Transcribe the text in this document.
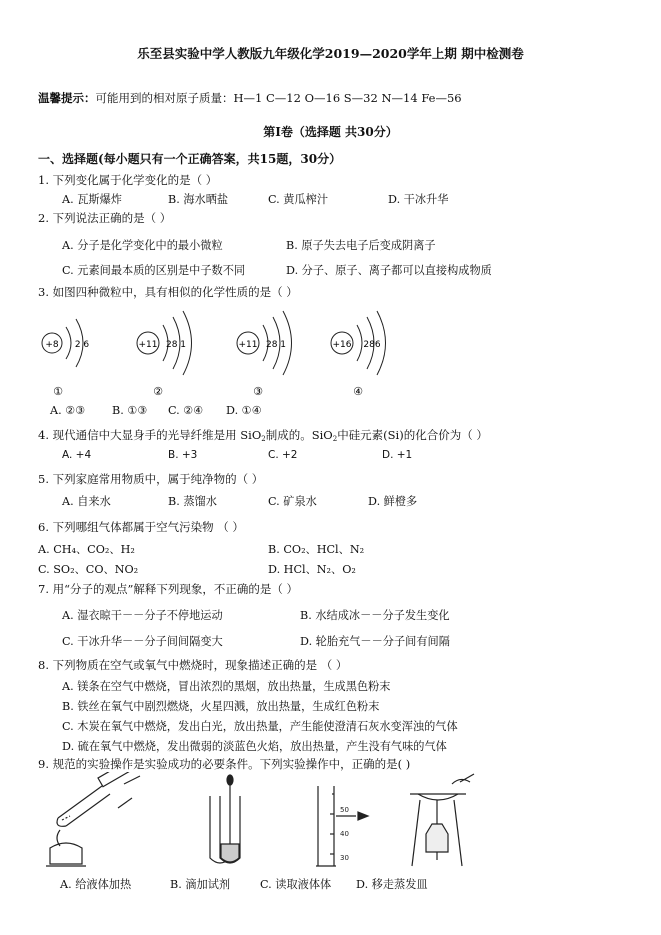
乐至县实验中学人教版九年级化学2019—2020学年上期 期中检测卷
温馨提示：可能用到的相对原子质量：H—1 C—12 O—16 S—32 N—14 Fe—56
第Ⅰ卷（选择题 共30分）
一、选择题(每小题只有一个正确答案，共15题，30分）
1. 下列变化属于化学变化的是（ ）
A. 瓦斯爆炸	B. 海水晒盐	C. 黄瓜榨汁	D. 干冰升华
2. 下列说法正确的是（ ）
A. 分子是化学变化中的最小微粒	B. 原子失去电子后变成阴离子
C. 元素间最本质的区别是中子数不同	D. 分子、原子、离子都可以直接构成物质
3. 如图四种微粒中，具有相似的化学性质的是（ ）
+8 2 6
①
+11 28 1
②
+11 28 1
③
+16 286
④
A. ②③ B. ①③ C. ②④ D. ①④
4. 现代通信中大显身手的光导纤维是用 SiO$_2$制成的。SiO$_2$中硅元素(Si)的化合价为（ ）
A. +4	B. +3	C. +2	D. +1
5. 下列家庭常用物质中，属于纯净物的（ ）
A. 自来水	B. 蒸馏水	C. 矿泉水	D. 鲜橙多
6. 下列哪组气体都属于空气污染物 （ ）
A. CH₄、CO₂、H₂	B. CO₂、HCl、N₂
C. SO₂、CO、NO₂	D. HCl、N₂、O₂
7. 用“分子的观点”解释下列现象，不正确的是（ ）
A. 湿衣晾干－－分子不停地运动	B. 水结成冰－－分子发生变化
C. 干冰升华－－分子间间隔变大	D. 轮胎充气－－分子间有间隔
8. 下列物质在空气或氧气中燃烧时，现象描述正确的是 （ ）
A. 镁条在空气中燃烧，冒出浓烈的黑烟，放出热量，生成黑色粉末
B. 铁丝在氧气中剧烈燃烧，火星四溅，放出热量，生成红色粉末
C. 木炭在氧气中燃烧，发出白光，放出热量，产生能使澄清石灰水变浑浊的气体
D. 硫在氧气中燃烧，发出微弱的淡蓝色火焰，放出热量，产生没有气味的气体
9. 规范的实验操作是实验成功的必要条件。下列实验操作中，正确的是( )
50
40
30
A. 给液体加热	B. 滴加试剂	C. 读取液体体 D. 移走蒸发皿
